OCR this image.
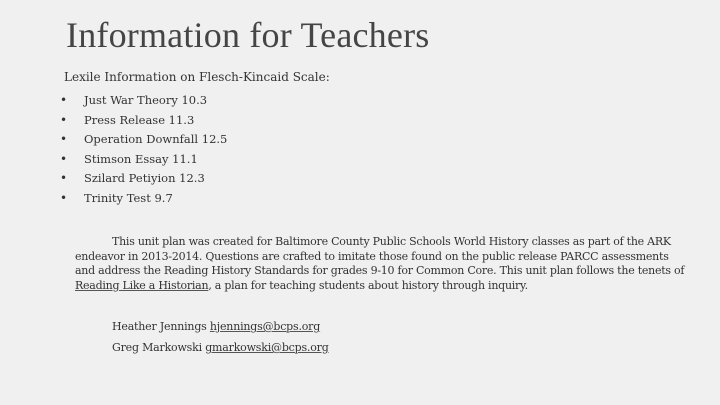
Information for Teachers
Lexile Information on Flesch-Kincaid Scale:
• Just War Theory 10.3
• Press Release 11.3
• Operation Downfall 12.5
• Stimson Essay 11.1
• Szilard Petiyion 12.3
• Trinity Test 9.7

This unit plan was created for Baltimore County Public Schools World History classes as part of the ARK endeavor in 2013-2014. Questions are crafted to imitate those found on the public release PARCC assessments and address the Reading History Standards for grades 9-10 for Common Core. This unit plan follows the tenets of Reading Like a Historian, a plan for teaching students about history through inquiry.

Heather Jennings hjennings@bcps.org
Greg Markowski gmarkowski@bcps.org
